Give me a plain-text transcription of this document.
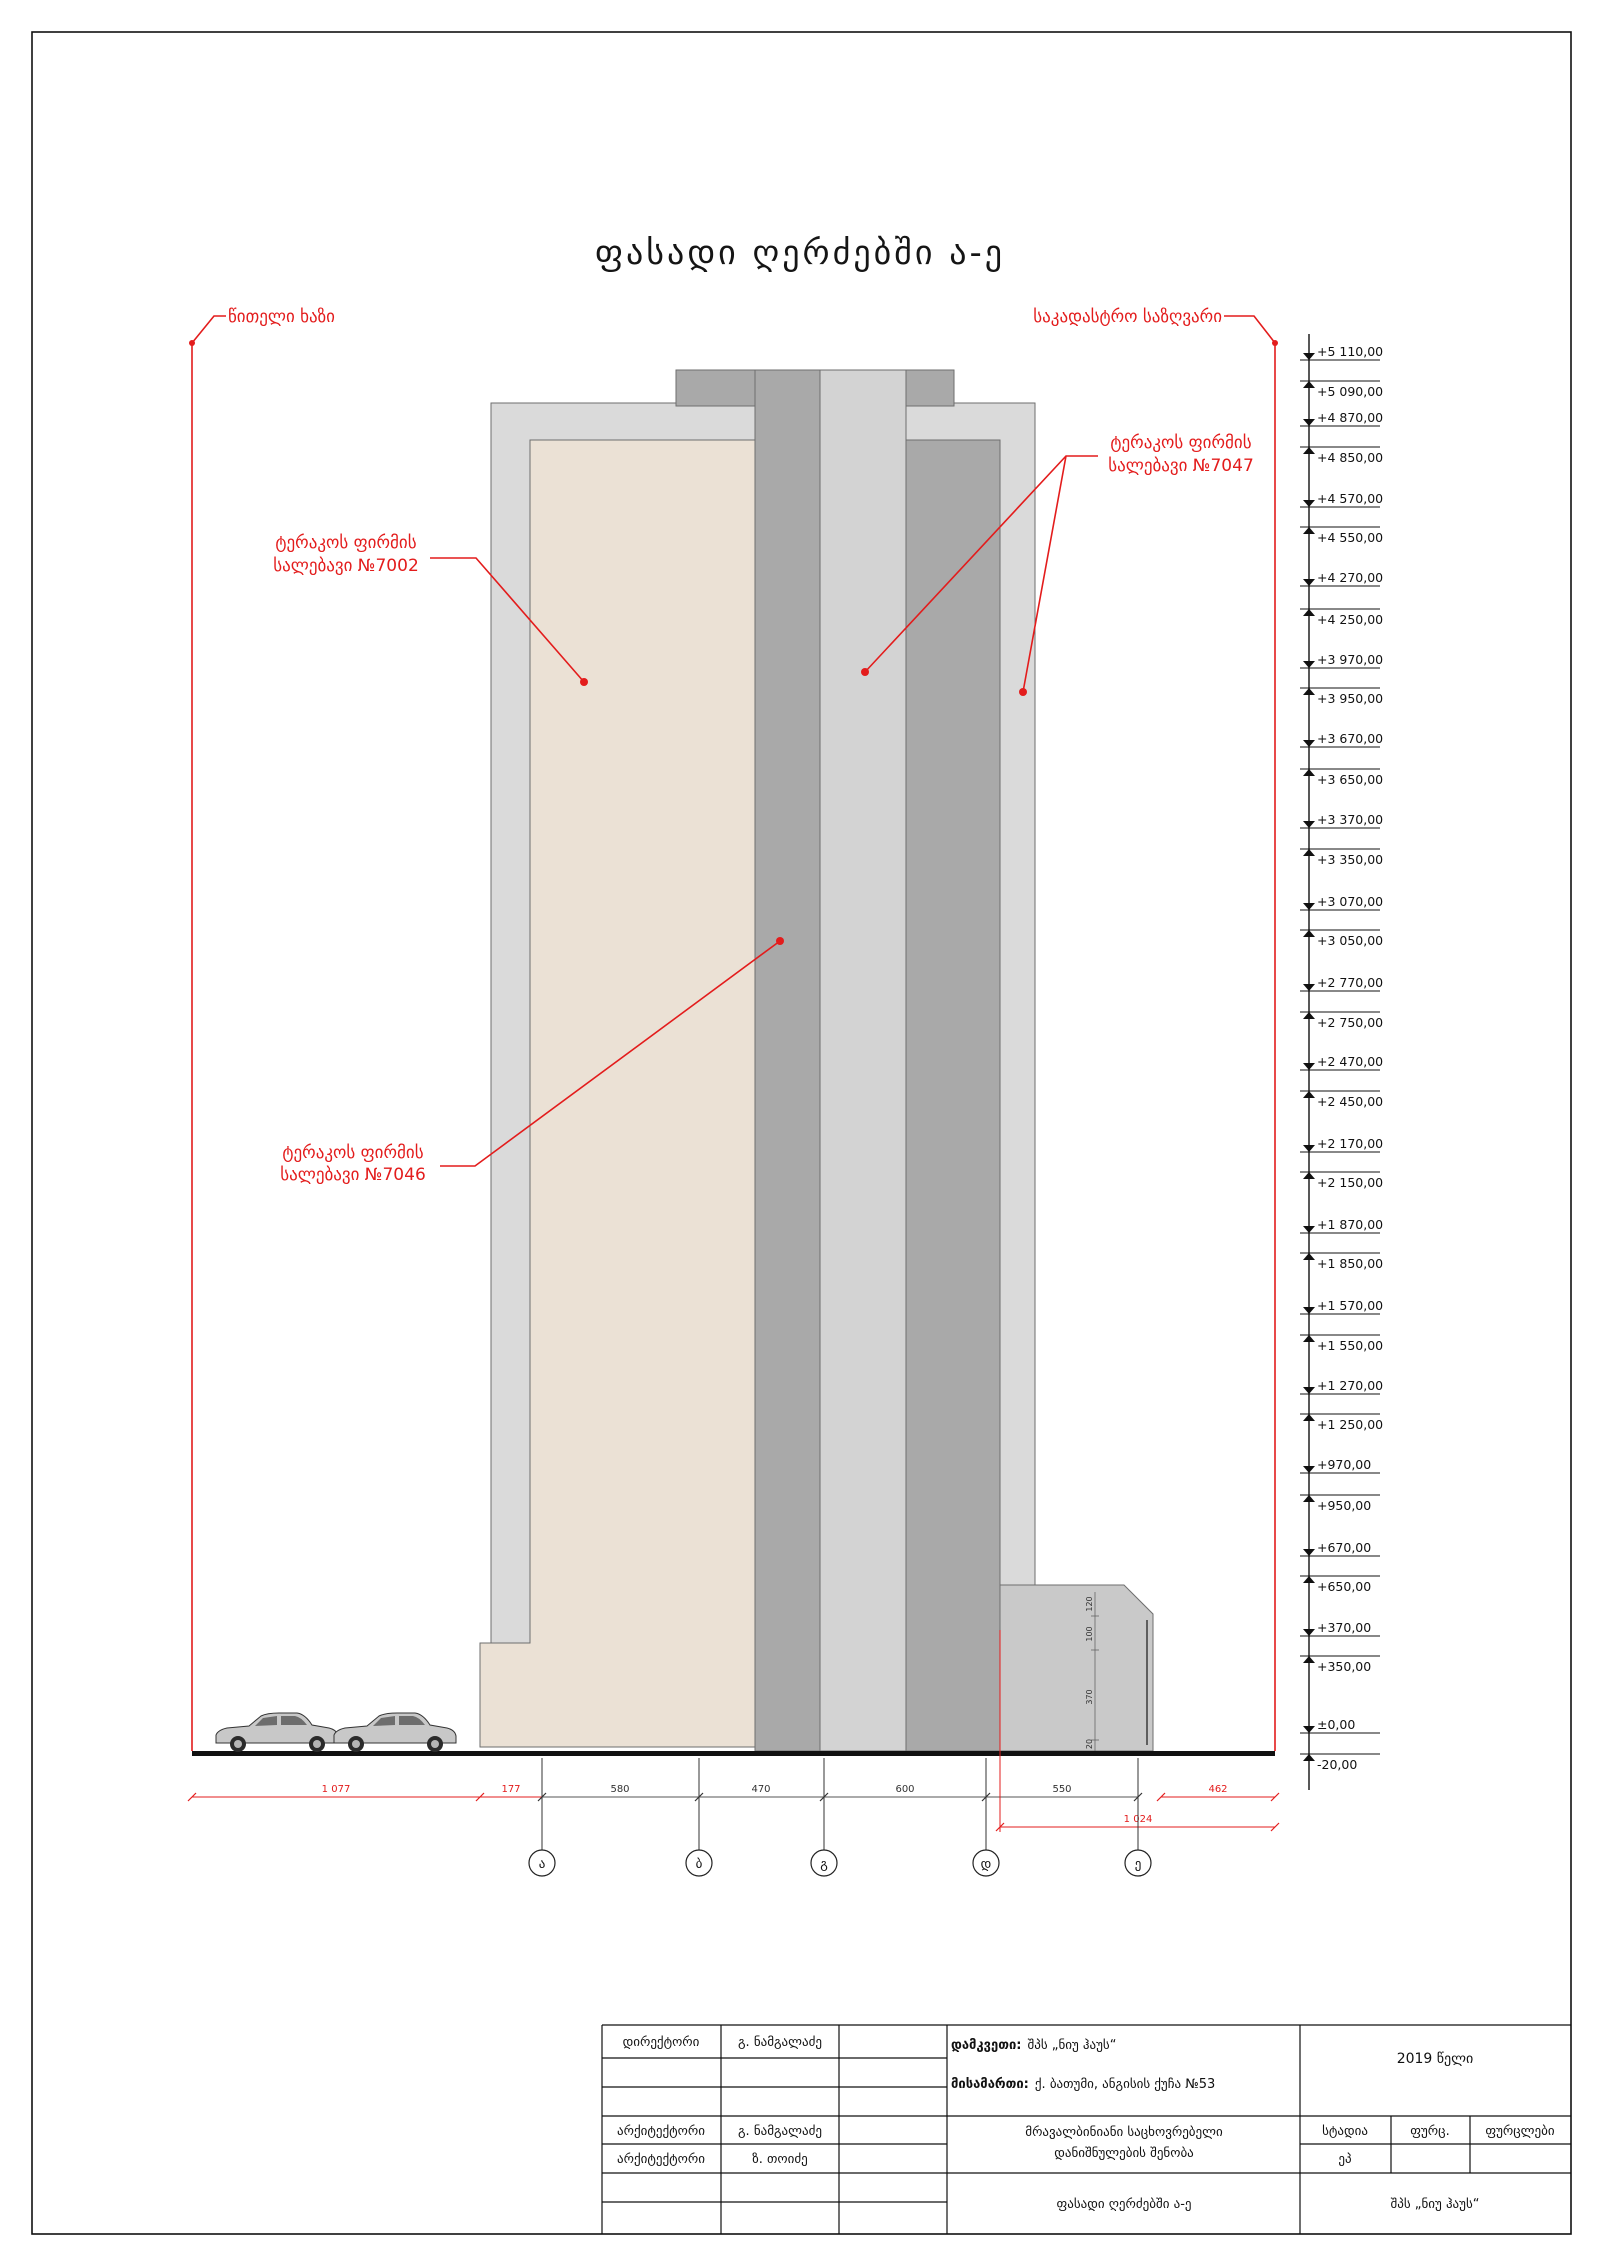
ფასადი ღერძებში ა-ე
წითელი ხაზი	საკადასტრო საზღვარი
120
100
370
20
ტერაკოს ფირმის
სალებავი №7002
ტერაკოს ფირმის
სალებავი №7047
ტერაკოს ფირმის
სალებავი №7046
+5 110,00
+5 090,00
+4 870,00
+4 850,00
+4 570,00
+4 550,00
+4 270,00
+4 250,00
+3 970,00
+3 950,00
+3 670,00
+3 650,00
+3 370,00
+3 350,00
+3 070,00
+3 050,00
+2 770,00
+2 750,00
+2 470,00
+2 450,00
+2 170,00
+2 150,00
+1 870,00
+1 850,00
+1 570,00
+1 550,00
+1 270,00
+1 250,00
+970,00
+950,00
+670,00
+650,00
+370,00
+350,00
±0,00
-20,00
1 077	177	580	470	600	550	462
1 024
ა	ბ	გ	დ	ე
დირექტორი	გ. ნამგალაძე
არქიტექტორი	გ. ნამგალაძე
არქიტექტორი	ზ. თოიძე
დამკვეთი: შპს „ნიუ ჰაუს“
მისამართი: ქ. ბათუმი, ანგისის ქუჩა №53
მრავალბინიანი საცხოვრებელი
დანიშნულების შენობა
ფასადი ღერძებში ა-ე
2019 წელი
სტადია	ფურც.	ფურცლები
ეპ
შპს „ნიუ ჰაუს“
